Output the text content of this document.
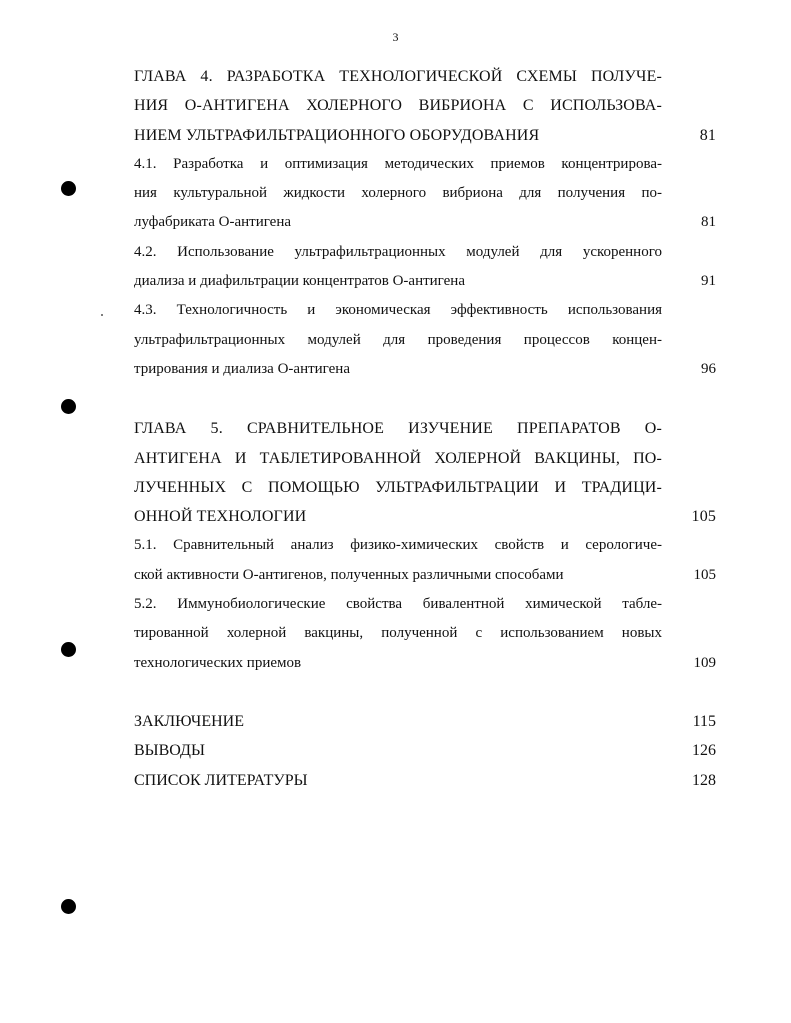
3
ГЛАВА 4. РАЗРАБОТКА ТЕХНОЛОГИЧЕСКОЙ СХЕМЫ ПОЛУЧЕ-
НИЯ О-АНТИГЕНА ХОЛЕРНОГО ВИБРИОНА С ИСПОЛЬЗОВА-
НИЕМ УЛЬТРАФИЛЬТРАЦИОННОГО ОБОРУДОВАНИЯ	81
4.1. Разработка и оптимизация методических приемов концентрирова-
ния культуральной жидкости холерного вибриона для получения по-
луфабриката О-антигена	81
4.2. Использование ультрафильтрационных модулей для ускоренного
диализа и диафильтрации концентратов О-антигена	91
4.3. Технологичность и экономическая эффективность использования
ультрафильтрационных модулей для проведения процессов концен-
трирования и диализа О-антигена	96
ГЛАВА 5. СРАВНИТЕЛЬНОЕ ИЗУЧЕНИЕ ПРЕПАРАТОВ О-
АНТИГЕНА И ТАБЛЕТИРОВАННОЙ ХОЛЕРНОЙ ВАКЦИНЫ, ПО-
ЛУЧЕННЫХ С ПОМОЩЬЮ УЛЬТРАФИЛЬТРАЦИИ И ТРАДИЦИ-
ОННОЙ ТЕХНОЛОГИИ	105
5.1. Сравнительный анализ физико-химических свойств и серологиче-
ской активности О-антигенов, полученных различными способами	105
5.2. Иммунобиологические свойства бивалентной химической табле-
тированной холерной вакцины, полученной с использованием новых
технологических приемов	109
ЗАКЛЮЧЕНИЕ	115
ВЫВОДЫ	126
СПИСОК ЛИТЕРАТУРЫ	128
